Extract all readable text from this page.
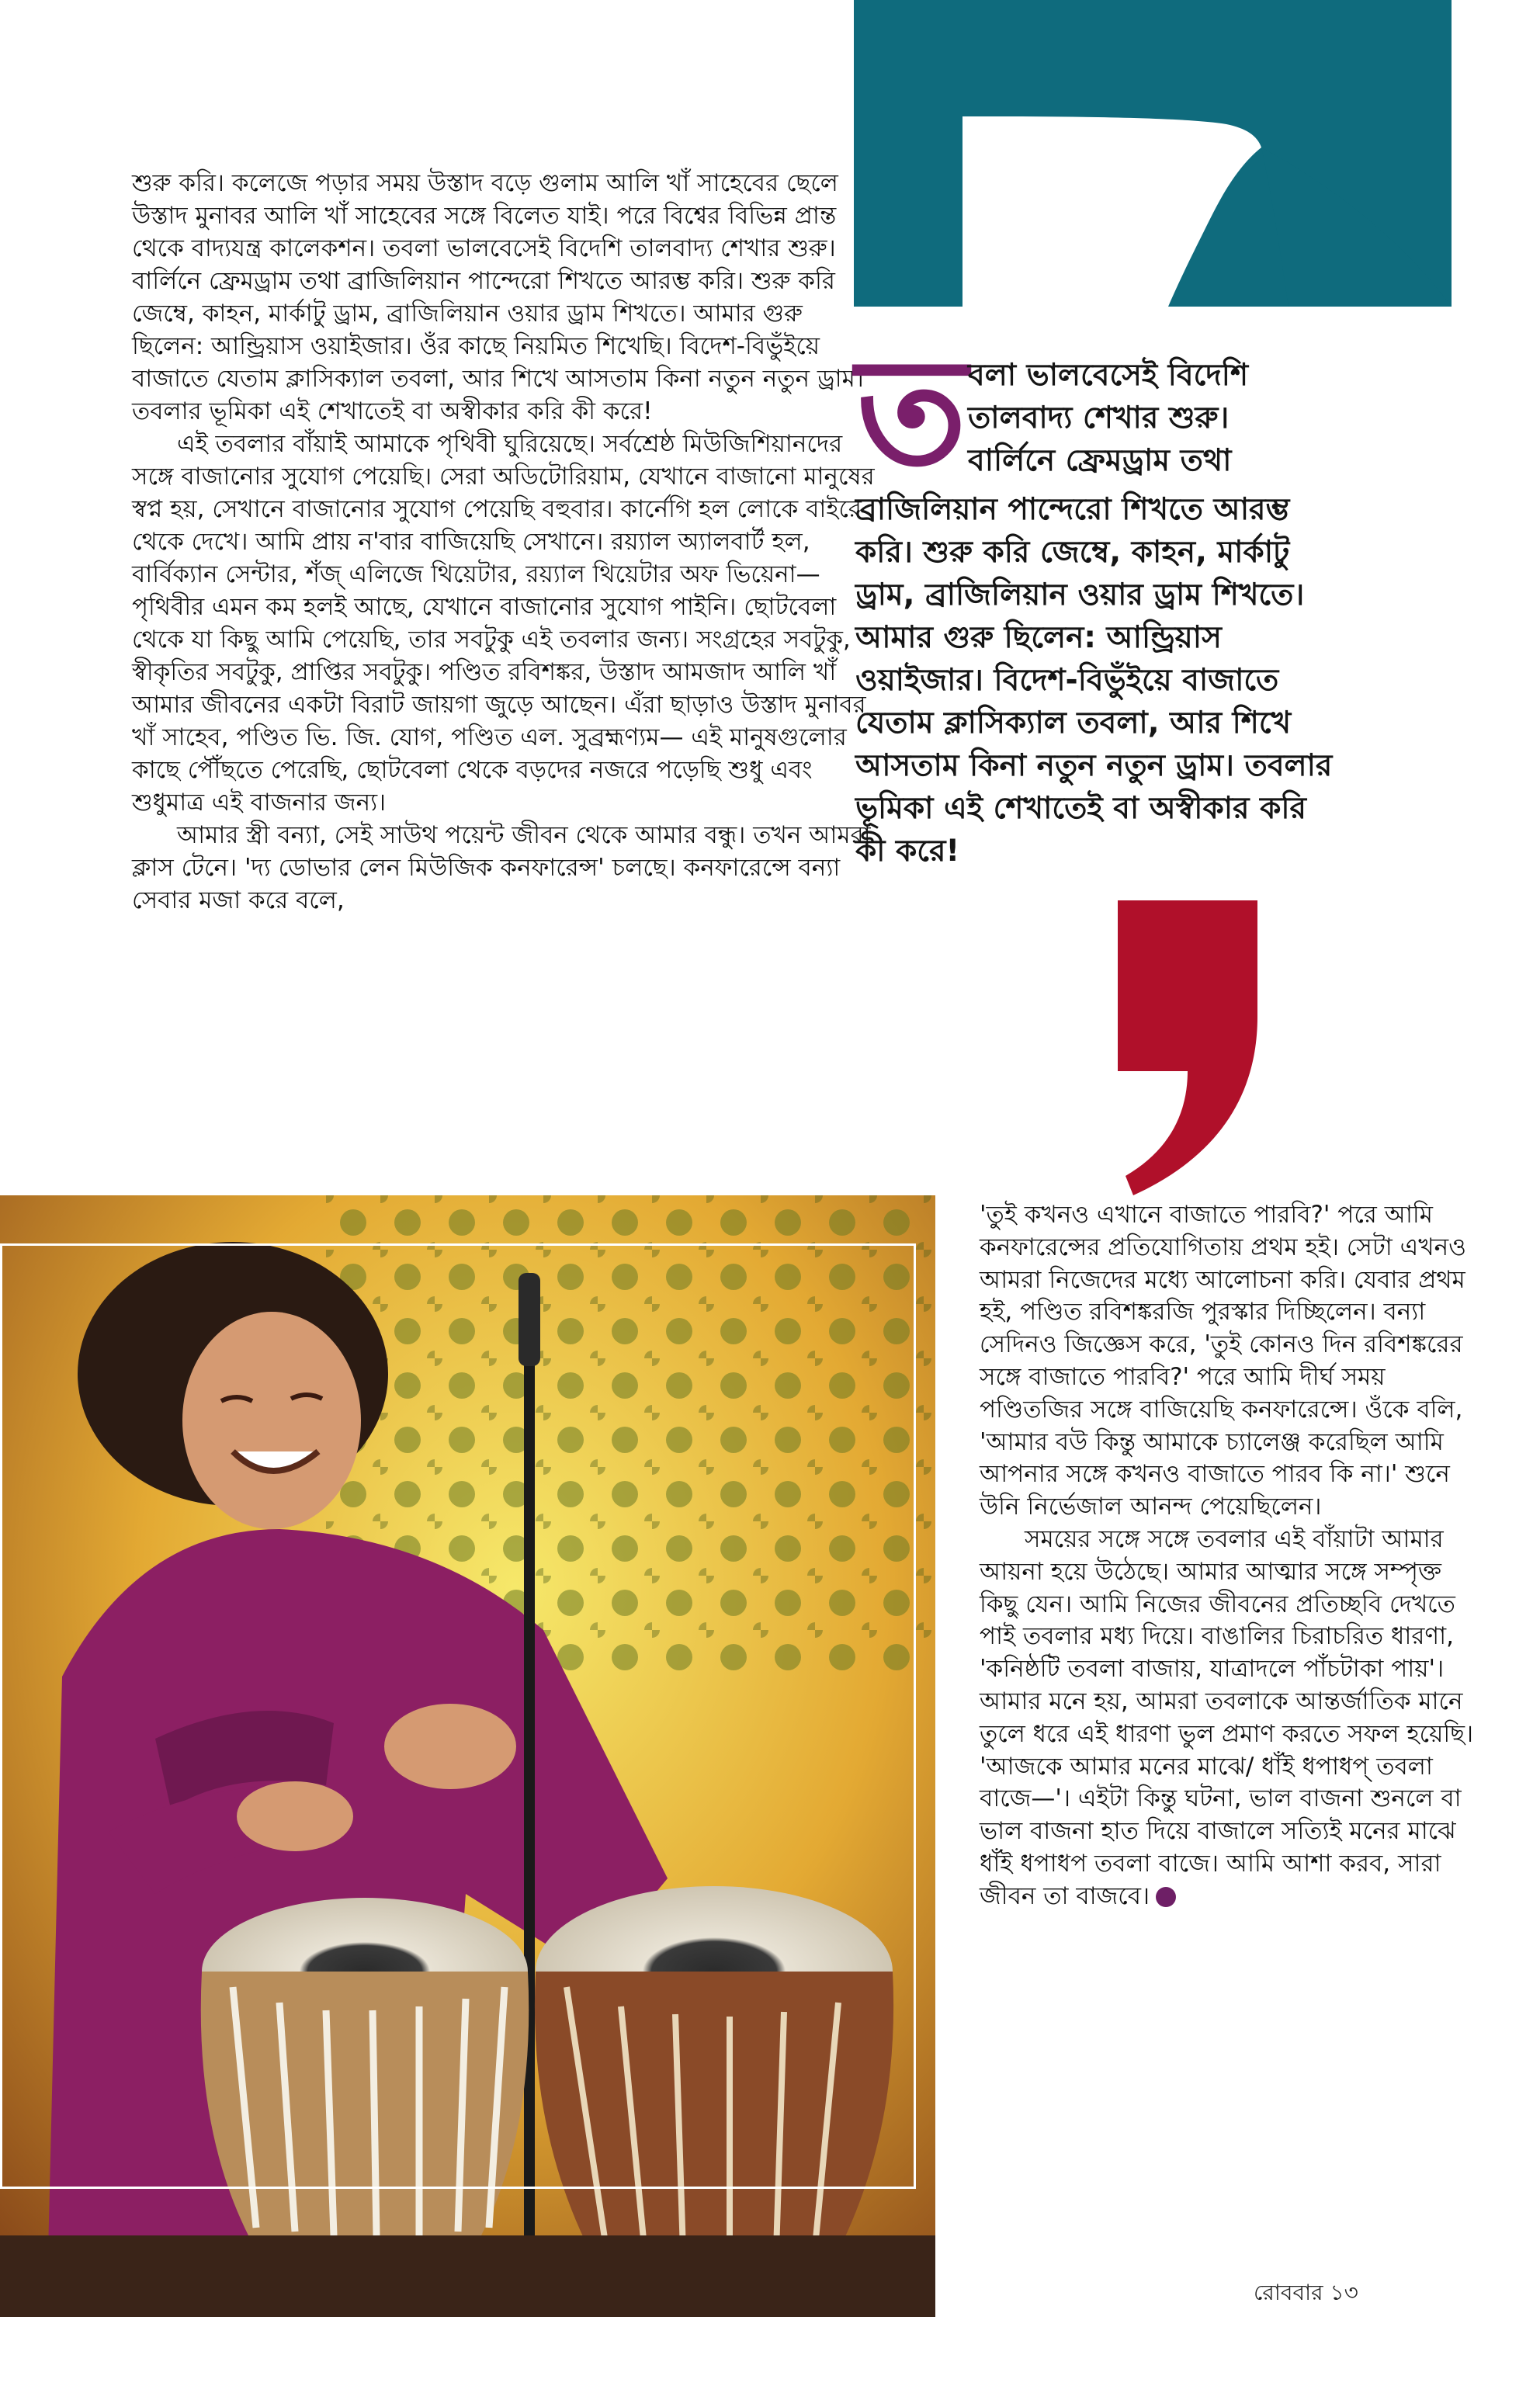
শুরু করি। কলেজে পড়ার সময় উস্তাদ বড়ে গুলাম আলি খাঁ সাহেবের ছেলে উস্তাদ মুনাবর আলি খাঁ সাহেবের সঙ্গে বিলেত যাই। পরে বিশ্বের বিভিন্ন প্রান্ত থেকে বাদ্যযন্ত্র কালেকশন। তবলা ভালবেসেই বিদেশি তালবাদ্য শেখার শুরু। বার্লিনে ফ্রেমড্রাম তথা ব্রাজিলিয়ান পান্দেরো শিখতে আরম্ভ করি। শুরু করি জেম্বে, কাহন, মার্কাটু ড্রাম, ব্রাজিলিয়ান ওয়ার ড্রাম শিখতে। আমার গুরু ছিলেন: আন্ড্রিয়াস ওয়াইজার। ওঁর কাছে নিয়মিত শিখেছি। বিদেশ-বিভুঁইয়ে বাজাতে যেতাম ক্লাসিক্যাল তবলা, আর শিখে আসতাম কিনা নতুন নতুন ড্রাম। তবলার ভূমিকা এই শেখাতেই বা অস্বীকার করি কী করে!

এই তবলার বাঁয়াই আমাকে পৃথিবী ঘুরিয়েছে। সর্বশ্রেষ্ঠ মিউজিশিয়ানদের সঙ্গে বাজানোর সুযোগ পেয়েছি। সেরা অডিটোরিয়াম, যেখানে বাজানো মানুষের স্বপ্ন হয়, সেখানে বাজানোর সুযোগ পেয়েছি বহুবার। কার্নেগি হল লোকে বাইরে থেকে দেখে। আমি প্রায় ন'বার বাজিয়েছি সেখানে। রয়্যাল অ্যালবার্ট হল, বার্বিক্যান সেন্টার, শঁজ্ এলিজে থিয়েটার, রয়্যাল থিয়েটার অফ ভিয়েনা— পৃথিবীর এমন কম হলই আছে, যেখানে বাজানোর সুযোগ পাইনি। ছোটবেলা থেকে যা কিছু আমি পেয়েছি, তার সবটুকু এই তবলার জন্য। সংগ্রহের সবটুকু, স্বীকৃতির সবটুকু, প্রাপ্তির সবটুকু। পণ্ডিত রবিশঙ্কর, উস্তাদ আমজাদ আলি খাঁ আমার জীবনের একটা বিরাট জায়গা জুড়ে আছেন। এঁরা ছাড়াও উস্তাদ মুনাবর খাঁ সাহেব, পণ্ডিত ভি. জি. যোগ, পণ্ডিত এল. সুব্রহ্মণ্যম— এই মানুষগুলোর কাছে পৌঁছতে পেরেছি, ছোটবেলা থেকে বড়দের নজরে পড়েছি শুধু এবং শুধুমাত্র এই বাজনার জন্য।

আমার স্ত্রী বন্যা, সেই সাউথ পয়েন্ট জীবন থেকে আমার বন্ধু। তখন আমরা ক্লাস টেনে। 'দ্য ডোভার লেন মিউজিক কনফারেন্স' চলছে। কনফারেন্সে বন্যা সেবার মজা করে বলে,

ত বলা ভালবেসেই বিদেশি

তালবাদ্য শেখার শুরু।

বার্লিনে ফ্রেমড্রাম তথা

ব্রাজিলিয়ান পান্দেরো শিখতে আরম্ভ করি। শুরু করি জেম্বে, কাহন, মার্কাটু ড্রাম, ব্রাজিলিয়ান ওয়ার ড্রাম শিখতে। আমার গুরু ছিলেন: আন্ড্রিয়াস ওয়াইজার। বিদেশ-বিভুঁইয়ে বাজাতে যেতাম ক্লাসিক্যাল তবলা, আর শিখে আসতাম কিনা নতুন নতুন ড্রাম। তবলার ভূমিকা এই শেখাতেই বা অস্বীকার করি কী করে!

'তুই কখনও এখানে বাজাতে পারবি?' পরে আমি কনফারেন্সের প্রতিযোগিতায় প্রথম হই। সেটা এখনও আমরা নিজেদের মধ্যে আলোচনা করি। যেবার প্রথম হই, পণ্ডিত রবিশঙ্করজি পুরস্কার দিচ্ছিলেন। বন্যা সেদিনও জিজ্ঞেস করে, 'তুই কোনও দিন রবিশঙ্করের সঙ্গে বাজাতে পারবি?' পরে আমি দীর্ঘ সময় পণ্ডিতজির সঙ্গে বাজিয়েছি কনফারেন্সে। ওঁকে বলি, 'আমার বউ কিন্তু আমাকে চ্যালেঞ্জ করেছিল আমি আপনার সঙ্গে কখনও বাজাতে পারব কি না।' শুনে উনি নির্ভেজাল আনন্দ পেয়েছিলেন।

সময়ের সঙ্গে সঙ্গে তবলার এই বাঁয়াটা আমার আয়না হয়ে উঠেছে। আমার আত্মার সঙ্গে সম্পৃক্ত কিছু যেন। আমি নিজের জীবনের প্রতিচ্ছবি দেখতে পাই তবলার মধ্য দিয়ে। বাঙালির চিরাচরিত ধারণা, 'কনিষ্ঠটি তবলা বাজায়, যাত্রাদলে পাঁচটাকা পায়'। আমার মনে হয়, আমরা তবলাকে আন্তর্জাতিক মানে তুলে ধরে এই ধারণা ভুল প্রমাণ করতে সফল হয়েছি। 'আজকে আমার মনের মাঝে/ ধাঁই ধপাধপ্ তবলা বাজে—'। এইটা কিন্তু ঘটনা, ভাল বাজনা শুনলে বা ভাল বাজনা হাত দিয়ে বাজালে সত্যিই মনের মাঝে ধাঁই ধপাধপ তবলা বাজে। আমি আশা করব, সারা জীবন তা বাজবে।

রোববার ১৩
